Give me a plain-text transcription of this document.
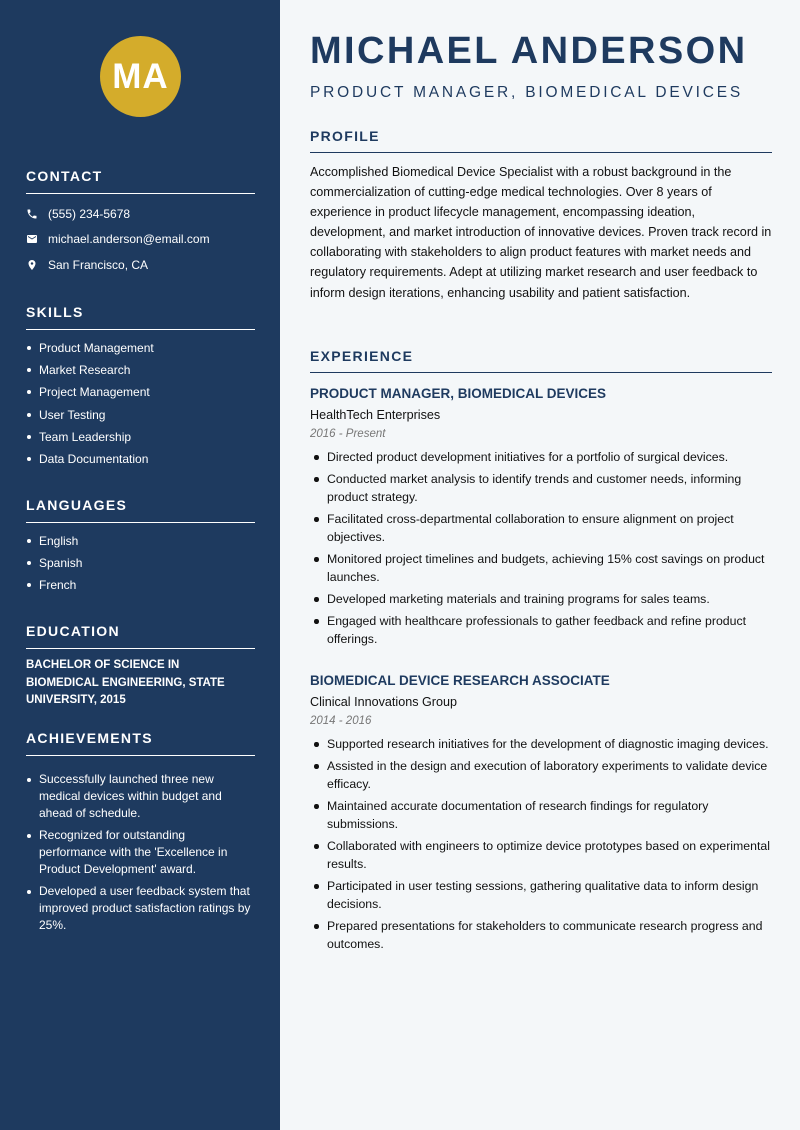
MA
CONTACT
(555) 234-5678
michael.anderson@email.com
San Francisco, CA
SKILLS
Product Management
Market Research
Project Management
User Testing
Team Leadership
Data Documentation
LANGUAGES
English
Spanish
French
EDUCATION
BACHELOR OF SCIENCE IN BIOMEDICAL ENGINEERING, STATE UNIVERSITY, 2015
ACHIEVEMENTS
Successfully launched three new medical devices within budget and ahead of schedule.
Recognized for outstanding performance with the 'Excellence in Product Development' award.
Developed a user feedback system that improved product satisfaction ratings by 25%.
MICHAEL ANDERSON
PRODUCT MANAGER, BIOMEDICAL DEVICES
PROFILE
Accomplished Biomedical Device Specialist with a robust background in the commercialization of cutting-edge medical technologies. Over 8 years of experience in product lifecycle management, encompassing ideation, development, and market introduction of innovative devices. Proven track record in collaborating with stakeholders to align product features with market needs and regulatory requirements. Adept at utilizing market research and user feedback to inform design iterations, enhancing usability and patient satisfaction.
EXPERIENCE
PRODUCT MANAGER, BIOMEDICAL DEVICES
HealthTech Enterprises
2016 - Present
Directed product development initiatives for a portfolio of surgical devices.
Conducted market analysis to identify trends and customer needs, informing product strategy.
Facilitated cross-departmental collaboration to ensure alignment on project objectives.
Monitored project timelines and budgets, achieving 15% cost savings on product launches.
Developed marketing materials and training programs for sales teams.
Engaged with healthcare professionals to gather feedback and refine product offerings.
BIOMEDICAL DEVICE RESEARCH ASSOCIATE
Clinical Innovations Group
2014 - 2016
Supported research initiatives for the development of diagnostic imaging devices.
Assisted in the design and execution of laboratory experiments to validate device efficacy.
Maintained accurate documentation of research findings for regulatory submissions.
Collaborated with engineers to optimize device prototypes based on experimental results.
Participated in user testing sessions, gathering qualitative data to inform design decisions.
Prepared presentations for stakeholders to communicate research progress and outcomes.
